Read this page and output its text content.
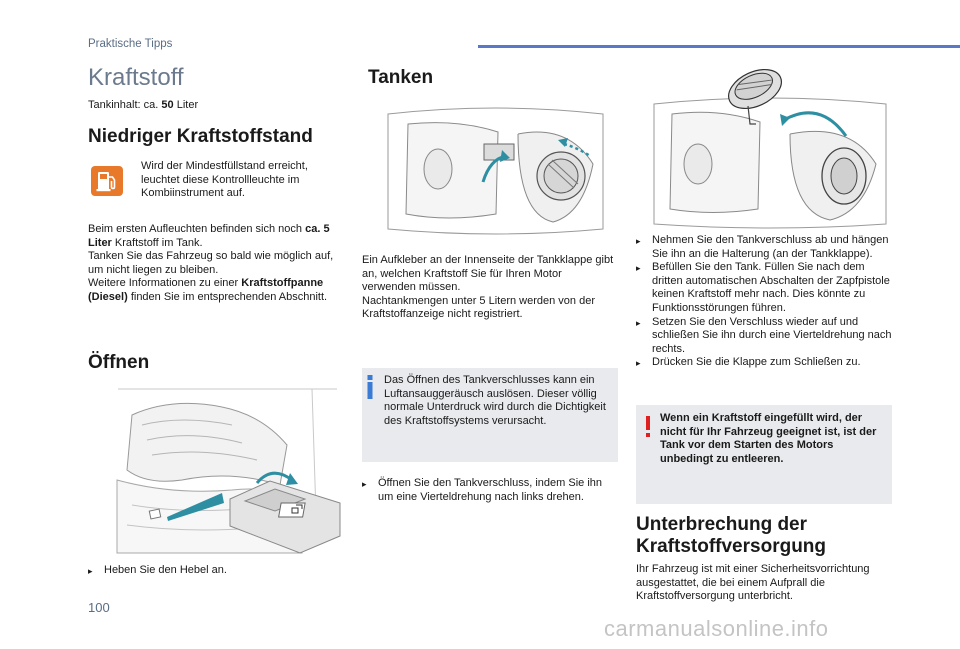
Praktische Tipps
Kraftstoff
Tankinhalt: ca. 50 Liter
Niedriger Kraftstoffstand
Wird der Mindestfüllstand erreicht, leuchtet diese Kontrollleuchte im Kombiinstrument auf.
Beim ersten Aufleuchten befinden sich noch ca. 5 Liter Kraftstoff im Tank.
Tanken Sie das Fahrzeug so bald wie möglich auf, um nicht liegen zu bleiben.
Weitere Informationen zu einer Kraftstoffpanne (Diesel) finden Sie im entsprechenden Abschnitt.
Öffnen
▸	Heben Sie den Hebel an.
Tanken
Ein Aufkleber an der Innenseite der Tankklappe gibt an, welchen Kraftstoff Sie für Ihren Motor verwenden müssen.
Nachtankmengen unter 5 Litern werden von der Kraftstoffanzeige nicht registriert.
Das Öffnen des Tankverschlusses kann ein Luftansauggeräusch auslösen. Dieser völlig normale Unterdruck wird durch die Dichtigkeit des Kraftstoffsystems verursacht.
▸	Öffnen Sie den Tankverschluss, indem Sie ihn um eine Vierteldrehung nach links drehen.
▸	Nehmen Sie den Tankverschluss ab und hängen Sie ihn an die Halterung (an der Tankklappe).
▸	Befüllen Sie den Tank. Füllen Sie nach dem dritten automatischen Abschalten der Zapfpistole keinen Kraftstoff mehr nach. Dies könnte zu Funktionsstörungen führen.
▸	Setzen Sie den Verschluss wieder auf und schließen Sie ihn durch eine Vierteldrehung nach rechts.
▸	Drücken Sie die Klappe zum Schließen zu.
Wenn ein Kraftstoff eingefüllt wird, der nicht für Ihr Fahrzeug geeignet ist, ist der Tank vor dem Starten des Motors unbedingt zu entleeren.
Unterbrechung der
Kraftstoffversorgung
Ihr Fahrzeug ist mit einer Sicherheitsvorrichtung ausgestattet, die bei einem Aufprall die Kraftstoffversorgung unterbricht.
100
carmanualsonline.info
